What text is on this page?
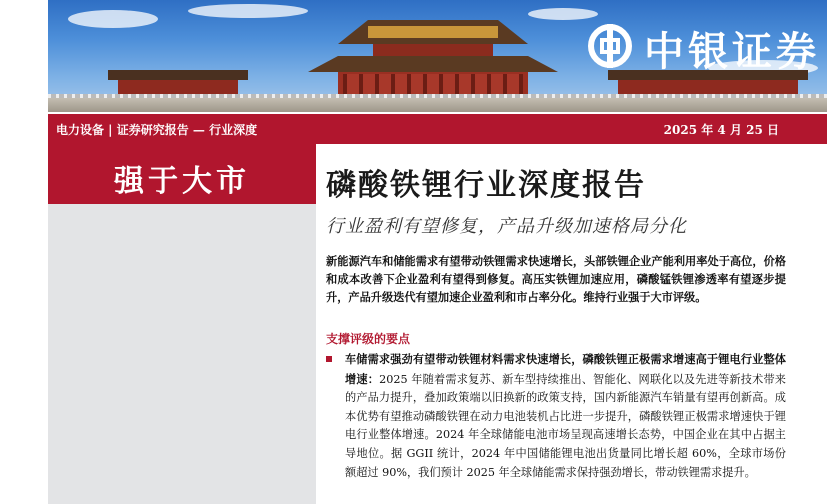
中银证券
电力设备 | 证券研究报告 — 行业深度	2025 年 4 月 25 日
强于大市	磷酸铁锂行业深度报告
行业盈利有望修复，产品升级加速格局分化
新能源汽车和储能需求有望带动铁锂需求快速增长，头部铁锂企业产能利用率处于高位，价格和成本改善下企业盈利有望得到修复。高压实铁锂加速应用，磷酸锰铁锂渗透率有望逐步提升，产品升级迭代有望加速企业盈利和市占率分化。维持行业强于大市评级。
支撑评级的要点
车储需求强劲有望带动铁锂材料需求快速增长，磷酸铁锂正极需求增速高于锂电行业整体增速：2025 年随着需求复苏、新车型持续推出、智能化、网联化以及先进等新技术带来的产品力提升，叠加政策端以旧换新的政策支持，国内新能源汽车销量有望再创新高。成本优势有望推动磷酸铁锂在动力电池装机占比进一步提升，磷酸铁锂正极需求增速快于锂电行业整体增速。2024 年全球储能电池市场呈现高速增长态势，中国企业在其中占据主导地位。据 GGII 统计，2024 年中国储能锂电池出货量同比增长超 60%，全球市场份额超过 90%，我们预计 2025 年全球储能需求保持强劲增长，带动铁锂需求提升。
